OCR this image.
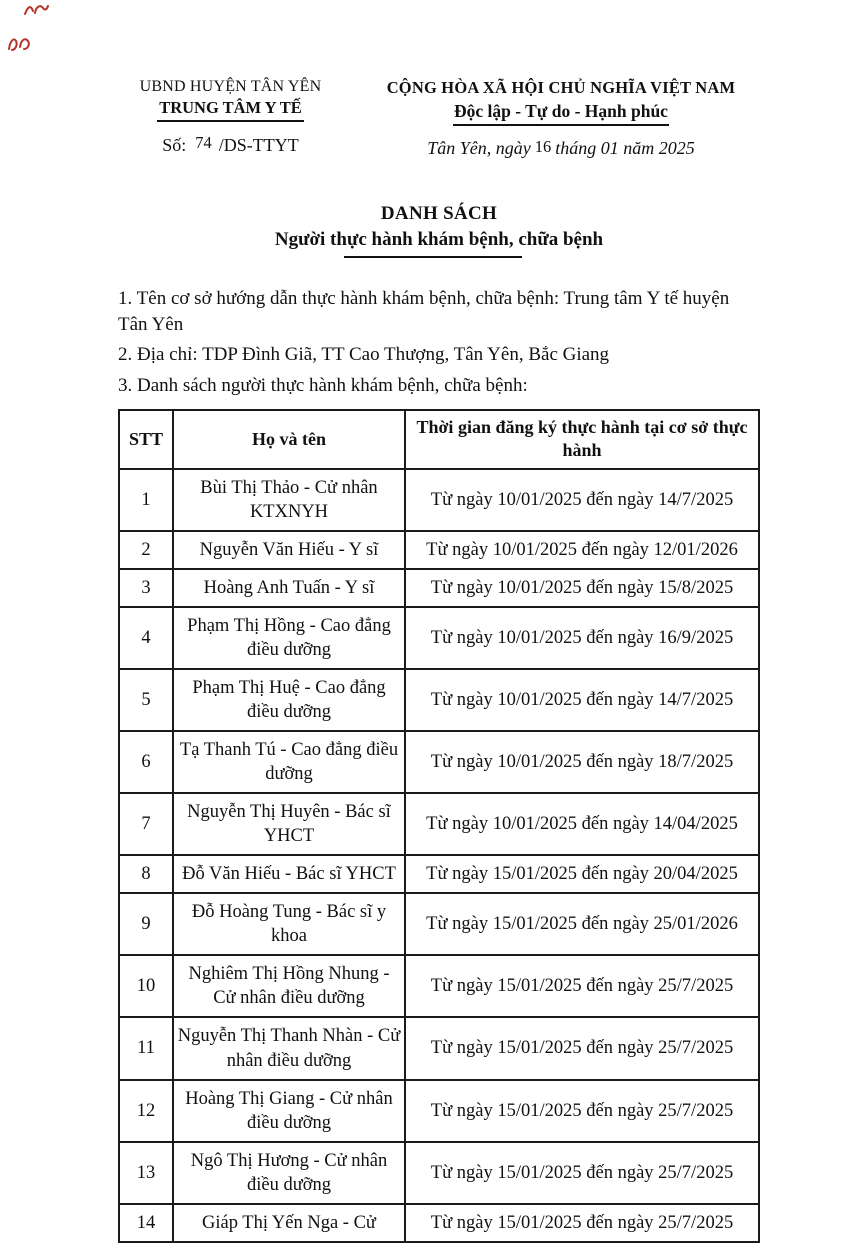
UBND HUYỆN TÂN YÊN
TRUNG TÂM Y TẾ
Số: 74 /DS-TTYT
CỘNG HÒA XÃ HỘI CHỦ NGHĨA VIỆT NAM
Độc lập - Tự do - Hạnh phúc
Tân Yên, ngày 16 tháng 01 năm 2025
DANH SÁCH
Người thực hành khám bệnh, chữa bệnh

1. Tên cơ sở hướng dẫn thực hành khám bệnh, chữa bệnh: Trung tâm Y tế huyện Tân Yên

2. Địa chỉ: TDP Đình Giã, TT Cao Thượng, Tân Yên, Bắc Giang

3. Danh sách người thực hành khám bệnh, chữa bệnh:

STT	Họ và tên	Thời gian đăng ký thực hành tại cơ sở thực hành
1	Bùi Thị Thảo - Cử nhân KTXNYH	Từ ngày 10/01/2025 đến ngày 14/7/2025
2	Nguyễn Văn Hiếu - Y sĩ	Từ ngày 10/01/2025 đến ngày 12/01/2026
3	Hoàng Anh Tuấn - Y sĩ	Từ ngày 10/01/2025 đến ngày 15/8/2025
4	Phạm Thị Hồng - Cao đẳng điều dưỡng	Từ ngày 10/01/2025 đến ngày 16/9/2025
5	Phạm Thị Huệ - Cao đẳng điều dưỡng	Từ ngày 10/01/2025 đến ngày 14/7/2025
6	Tạ Thanh Tú - Cao đẳng điều dưỡng	Từ ngày 10/01/2025 đến ngày 18/7/2025
7	Nguyễn Thị Huyên - Bác sĩ YHCT	Từ ngày 10/01/2025 đến ngày 14/04/2025
8	Đỗ Văn Hiếu - Bác sĩ YHCT	Từ ngày 15/01/2025 đến ngày 20/04/2025
9	Đỗ Hoàng Tung - Bác sĩ y khoa	Từ ngày 15/01/2025 đến ngày 25/01/2026
10	Nghiêm Thị Hồng Nhung - Cử nhân điều dưỡng	Từ ngày 15/01/2025 đến ngày 25/7/2025
11	Nguyễn Thị Thanh Nhàn - Cử nhân điều dưỡng	Từ ngày 15/01/2025 đến ngày 25/7/2025
12	Hoàng Thị Giang - Cử nhân điều dưỡng	Từ ngày 15/01/2025 đến ngày 25/7/2025
13	Ngô Thị Hương - Cử nhân điều dưỡng	Từ ngày 15/01/2025 đến ngày 25/7/2025
14	Giáp Thị Yến Nga - Cử	Từ ngày 15/01/2025 đến ngày 25/7/2025
